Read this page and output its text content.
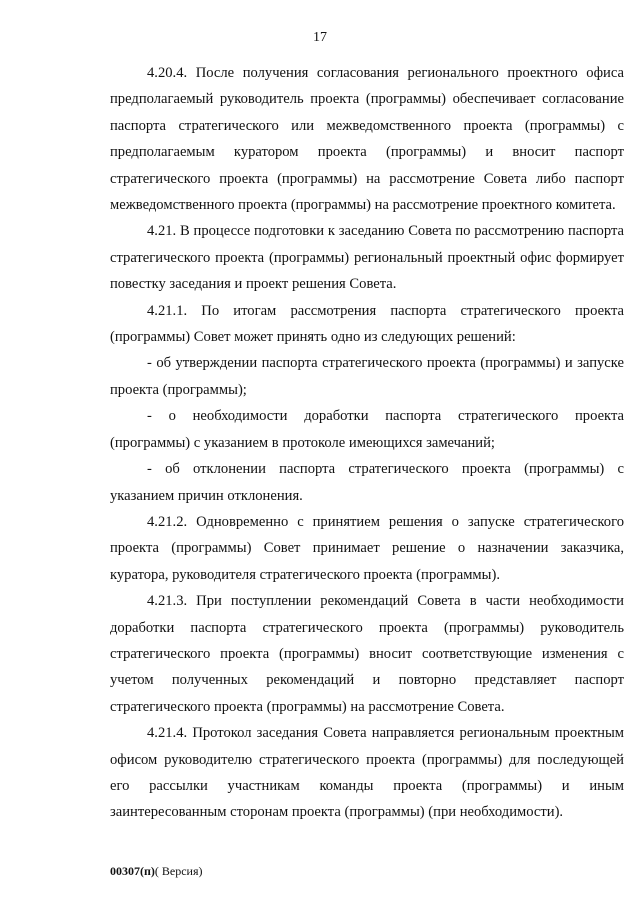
17

4.20.4. После получения согласования регионального проектного офиса предполагаемый руководитель проекта (программы) обеспечивает согласование паспорта стратегического или межведомственного проекта (программы) с предполагаемым куратором проекта (программы) и вносит паспорт стратегического проекта (программы) на рассмотрение Совета либо паспорт межведомственного проекта (программы) на рассмотрение проектного комитета.

4.21. В процессе подготовки к заседанию Совета по рассмотрению паспорта стратегического проекта (программы) региональный проектный офис формирует повестку заседания и проект решения Совета.

4.21.1. По итогам рассмотрения паспорта стратегического проекта (программы) Совет может принять одно из следующих решений:

- об утверждении паспорта стратегического проекта (программы) и запуске проекта (программы);

- о необходимости доработки паспорта стратегического проекта (программы) с указанием в протоколе имеющихся замечаний;

- об отклонении паспорта стратегического проекта (программы) с указанием причин отклонения.

4.21.2. Одновременно с принятием решения о запуске стратегического проекта (программы) Совет принимает решение о назначении заказчика, куратора, руководителя стратегического проекта (программы).

4.21.3. При поступлении рекомендаций Совета в части необходимости доработки паспорта стратегического проекта (программы) руководитель стратегического проекта (программы) вносит соответствующие изменения с учетом полученных рекомендаций и повторно представляет паспорт стратегического проекта (программы) на рассмотрение Совета.

4.21.4. Протокол заседания Совета направляется региональным проектным офисом руководителю стратегического проекта (программы) для последующей его рассылки участникам команды проекта (программы) и иным заинтересованным сторонам проекта (программы) (при необходимости).

00307(п)( Версия)
